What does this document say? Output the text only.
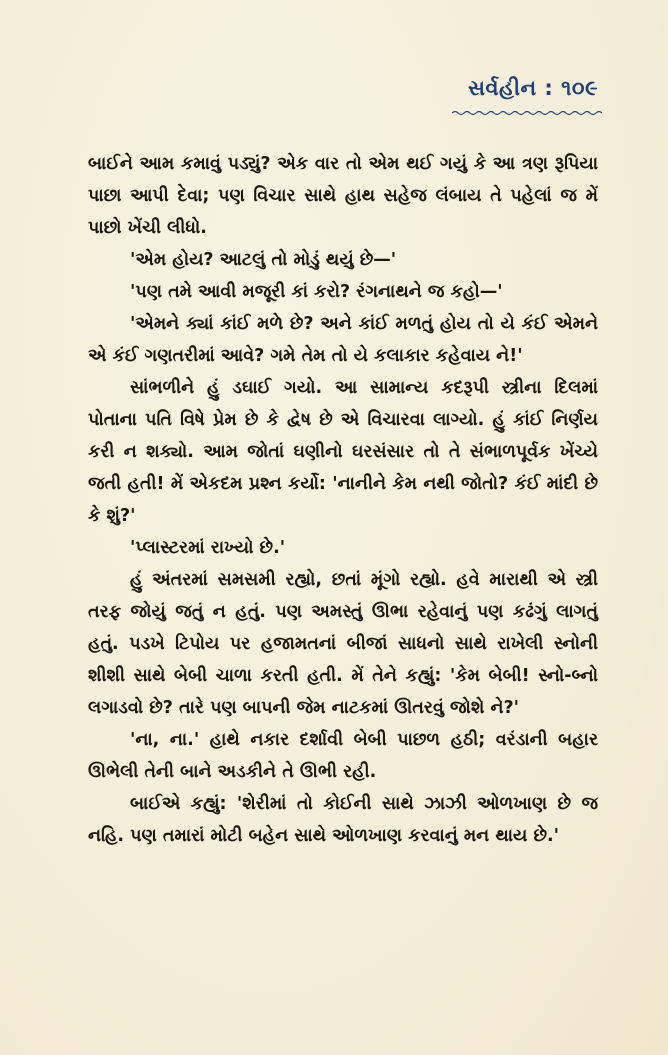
સર્વહીન : ૧૦૯

બાઈને આમ કમાવું પડ્યું? એક વાર તો એમ થઈ ગયું કે આ ત્રણ રૂપિયા પાછા આપી દેવા; પણ વિચાર સાથે હાથ સહેજ લંબાય તે પહેલાં જ મેં પાછો ખેંચી લીધો.

'એમ હોય? આટલું તો મોડું થયું છે—'

'પણ તમે આવી મજૂરી કાં કરો? રંગનાથને જ કહો—'

'એમને ક્યાં કાંઈ મળે છે? અને કાંઈ મળતું હોય તો યે કંઈ એમને એ કંઈ ગણતરીમાં આવે? ગમે તેમ તો યે કલાકાર કહેવાય ને!'

સાંભળીને હું ડઘાઈ ગયો. આ સામાન્ય કદરૂપી સ્ત્રીના દિલમાં પોતાના પતિ વિષે પ્રેમ છે કે દ્વેષ છે એ વિચારવા લાગ્યો. હું કાંઈ નિર્ણય કરી ન શક્યો. આમ જોતાં ઘણીનો ઘરસંસાર તો તે સંભાળપૂર્વક ખેંચ્યે જતી હતી! મેં એકદમ પ્રશ્ન કર્યો: 'નાનીને કેમ નથી જોતો? કંઈ માંદી છે કે શું?'

'પ્લાસ્ટરમાં રાખ્યો છે.'

હું અંતરમાં સમસમી રહ્યો, છતાં મૂંગો રહ્યો. હવે મારાથી એ સ્ત્રી તરફ જોયું જતું ન હતું. પણ અમસ્તું ઊભા રહેવાનું પણ કઢંગું લાગતું હતું. પડખે ટિપોય પર હજામતનાં બીજાં સાધનો સાથે રાખેલી સ્નોની શીશી સાથે બેબી ચાળા કરતી હતી. મેં તેને કહ્યું: 'કેમ બેબી! સ્નો-બ્નો લગાડવો છે? તારે પણ બાપની જેમ નાટકમાં ઊતરવું જોશે ને?'

'ના, ના.' હાથે નકાર દર્શાવી બેબી પાછળ હઠી; વરંડાની બહાર ઊભેલી તેની બાને અડકીને તે ઊભી રહી.

બાઈએ કહ્યું: 'શેરીમાં તો કોઈની સાથે ઝાઝી ઓળખાણ છે જ નહિ. પણ તમારાં મોટી બહેન સાથે ઓળખાણ કરવાનું મન થાય છે.'
